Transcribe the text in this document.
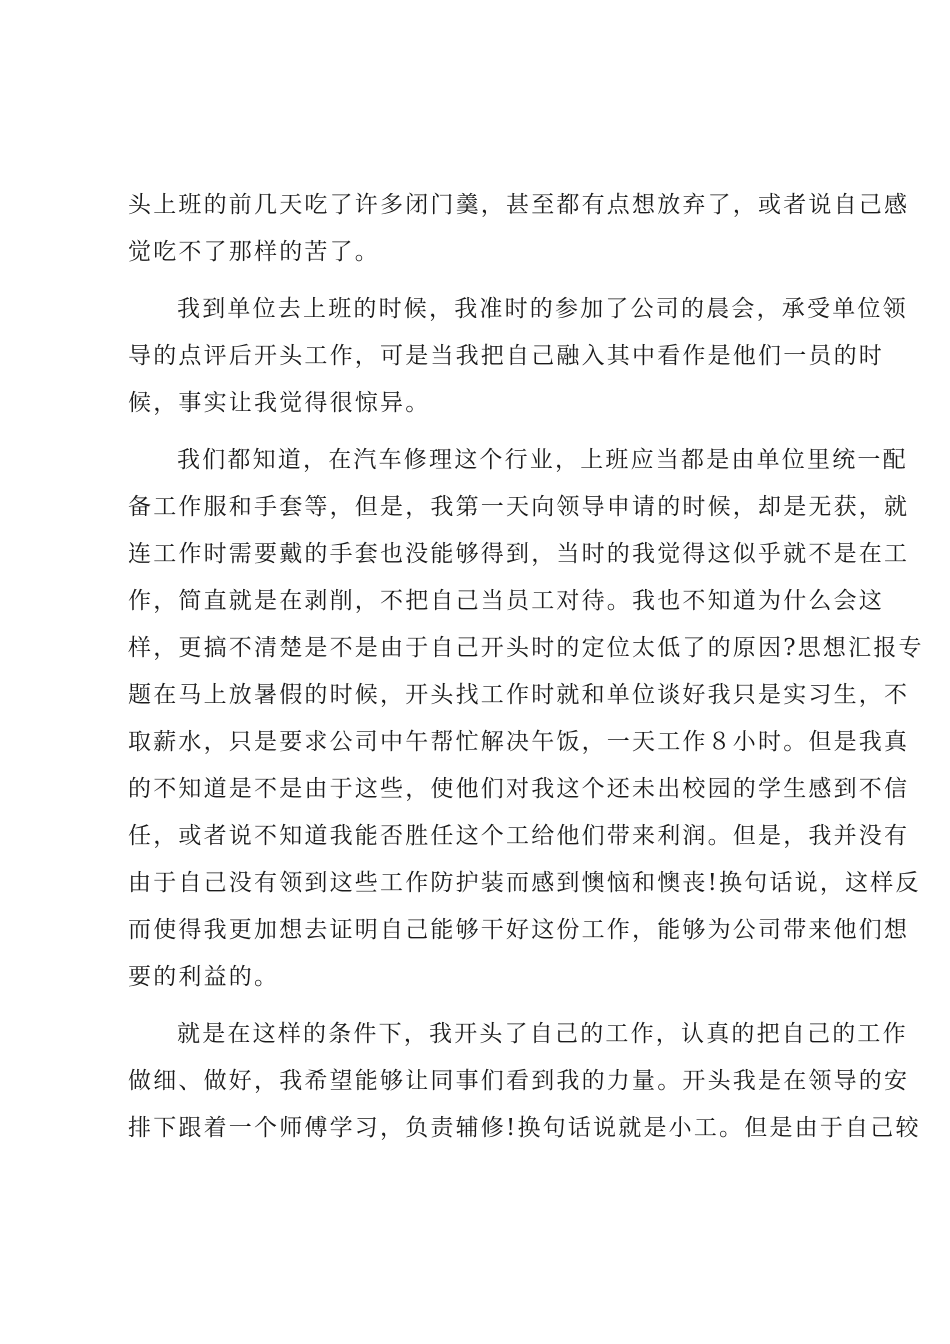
头上班的前几天吃了许多闭门羹，甚至都有点想放弃了，或者说自己感
觉吃不了那样的苦了。
我到单位去上班的时候，我准时的参加了公司的晨会，承受单位领
导的点评后开头工作，可是当我把自己融入其中看作是他们一员的时
候，事实让我觉得很惊异。
我们都知道，在汽车修理这个行业，上班应当都是由单位里统一配
备工作服和手套等，但是，我第一天向领导申请的时候，却是无获，就
连工作时需要戴的手套也没能够得到，当时的我觉得这似乎就不是在工
作，简直就是在剥削，不把自己当员工对待。我也不知道为什么会这
样，更搞不清楚是不是由于自己开头时的定位太低了的原因?思想汇报专
题在马上放暑假的时候，开头找工作时就和单位谈好我只是实习生，不
取薪水，只是要求公司中午帮忙解决午饭，一天工作８小时。但是我真
的不知道是不是由于这些，使他们对我这个还未出校园的学生感到不信
任，或者说不知道我能否胜任这个工给他们带来利润。但是，我并没有
由于自己没有领到这些工作防护装而感到懊恼和懊丧!换句话说，这样反
而使得我更加想去证明自己能够干好这份工作，能够为公司带来他们想
要的利益的。
就是在这样的条件下，我开头了自己的工作，认真的把自己的工作
做细、做好，我希望能够让同事们看到我的力量。开头我是在领导的安
排下跟着一个师傅学习，负责辅修!换句话说就是小工。但是由于自己较
